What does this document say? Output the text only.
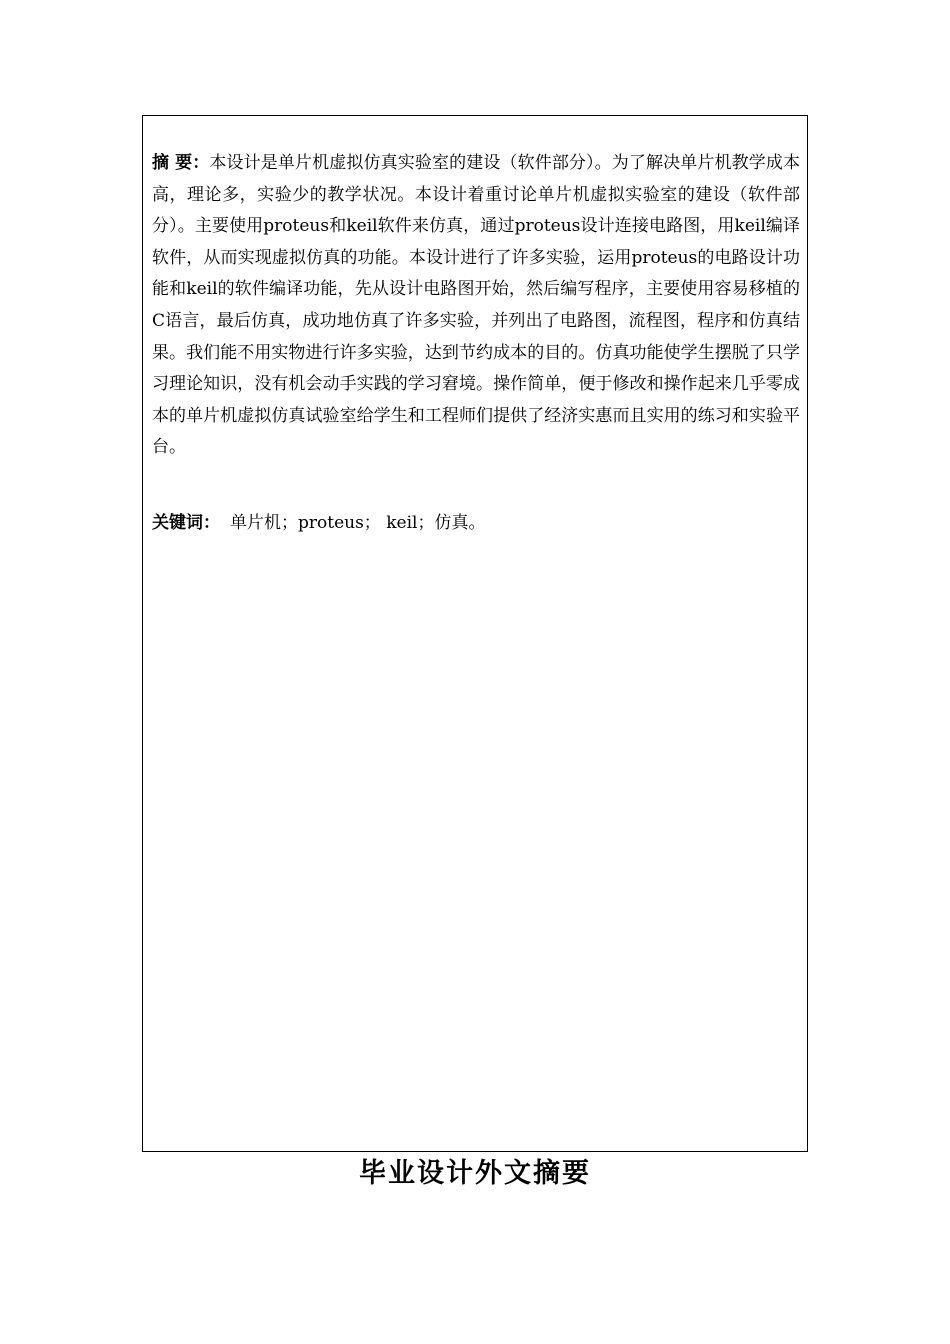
摘 要：本设计是单片机虚拟仿真实验室的建设（软件部分）。为了解决单片机教学成本高，理论多，实验少的教学状况。本设计着重讨论单片机虚拟实验室的建设（软件部分）。主要使用proteus和keil软件来仿真，通过proteus设计连接电路图，用keil编译软件，从而实现虚拟仿真的功能。本设计进行了许多实验，运用proteus的电路设计功能和keil的软件编译功能，先从设计电路图开始，然后编写程序，主要使用容易移植的C语言，最后仿真，成功地仿真了许多实验，并列出了电路图，流程图，程序和仿真结果。我们能不用实物进行许多实验，达到节约成本的目的。仿真功能使学生摆脱了只学习理论知识，没有机会动手实践的学习窘境。操作简单，便于修改和操作起来几乎零成本的单片机虚拟仿真试验室给学生和工程师们提供了经济实惠而且实用的练习和实验平台。

关键词： 单片机；proteus； keil；仿真。

毕业设计外文摘要
